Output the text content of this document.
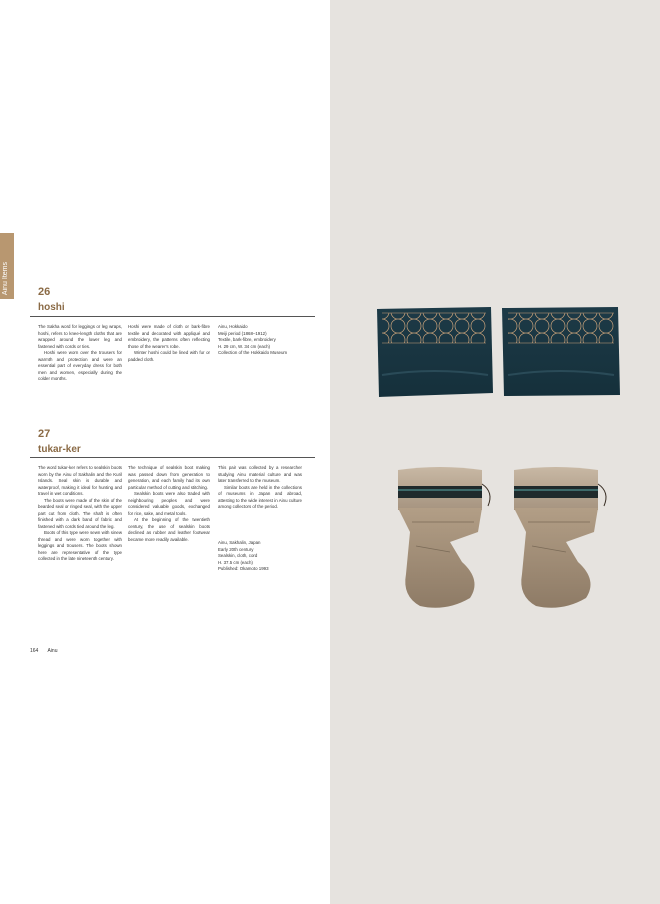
Ainu Items	26
hoshi

The Sakha word for leggings or leg wraps, hoshi, refers to knee-length cloths that are wrapped around the lower leg and fastened with cords or ties.

Hoshi were worn over the trousers for warmth and protection and were an essential part of everyday dress for both men and women, especially during the colder months.

Hoshi were made of cloth or bark-fibre textile and decorated with appliqué and embroidery, the patterns often reflecting those of the wearer's robe.

Winter hoshi could be lined with fur or padded cloth.

Ainu, Hokkaido
Meiji period (1868–1912)
Textile, bark-fibre, embroidery
H. 29 cm, W. 34 cm (each)
Collection of the Hokkaido Museum
27
tukar-ker

The word tukar-ker refers to sealskin boots worn by the Ainu of Sakhalin and the Kuril Islands. Seal skin is durable and waterproof, making it ideal for hunting and travel in wet conditions.

The boots were made of the skin of the bearded seal or ringed seal, with the upper part cut from cloth. The shaft is often finished with a dark band of fabric and fastened with cords tied around the leg.

Boots of this type were sewn with sinew thread and were worn together with leggings and trousers. The boots shown here are representative of the type collected in the late nineteenth century.

The technique of sealskin boot making was passed down from generation to generation, and each family had its own particular method of cutting and stitching.

Sealskin boots were also traded with neighbouring peoples and were considered valuable goods, exchanged for rice, sake, and metal tools.

At the beginning of the twentieth century, the use of sealskin boots declined as rubber and leather footwear became more readily available.

This pair was collected by a researcher studying Ainu material culture and was later transferred to the museum.

Similar boots are held in the collections of museums in Japan and abroad, attesting to the wide interest in Ainu culture among collectors of the period.

Ainu, Sakhalin, Japan
Early 20th century
Sealskin, cloth, cord
H. 37.5 cm (each)
Published: Okamoto 1993
164 Ainu
